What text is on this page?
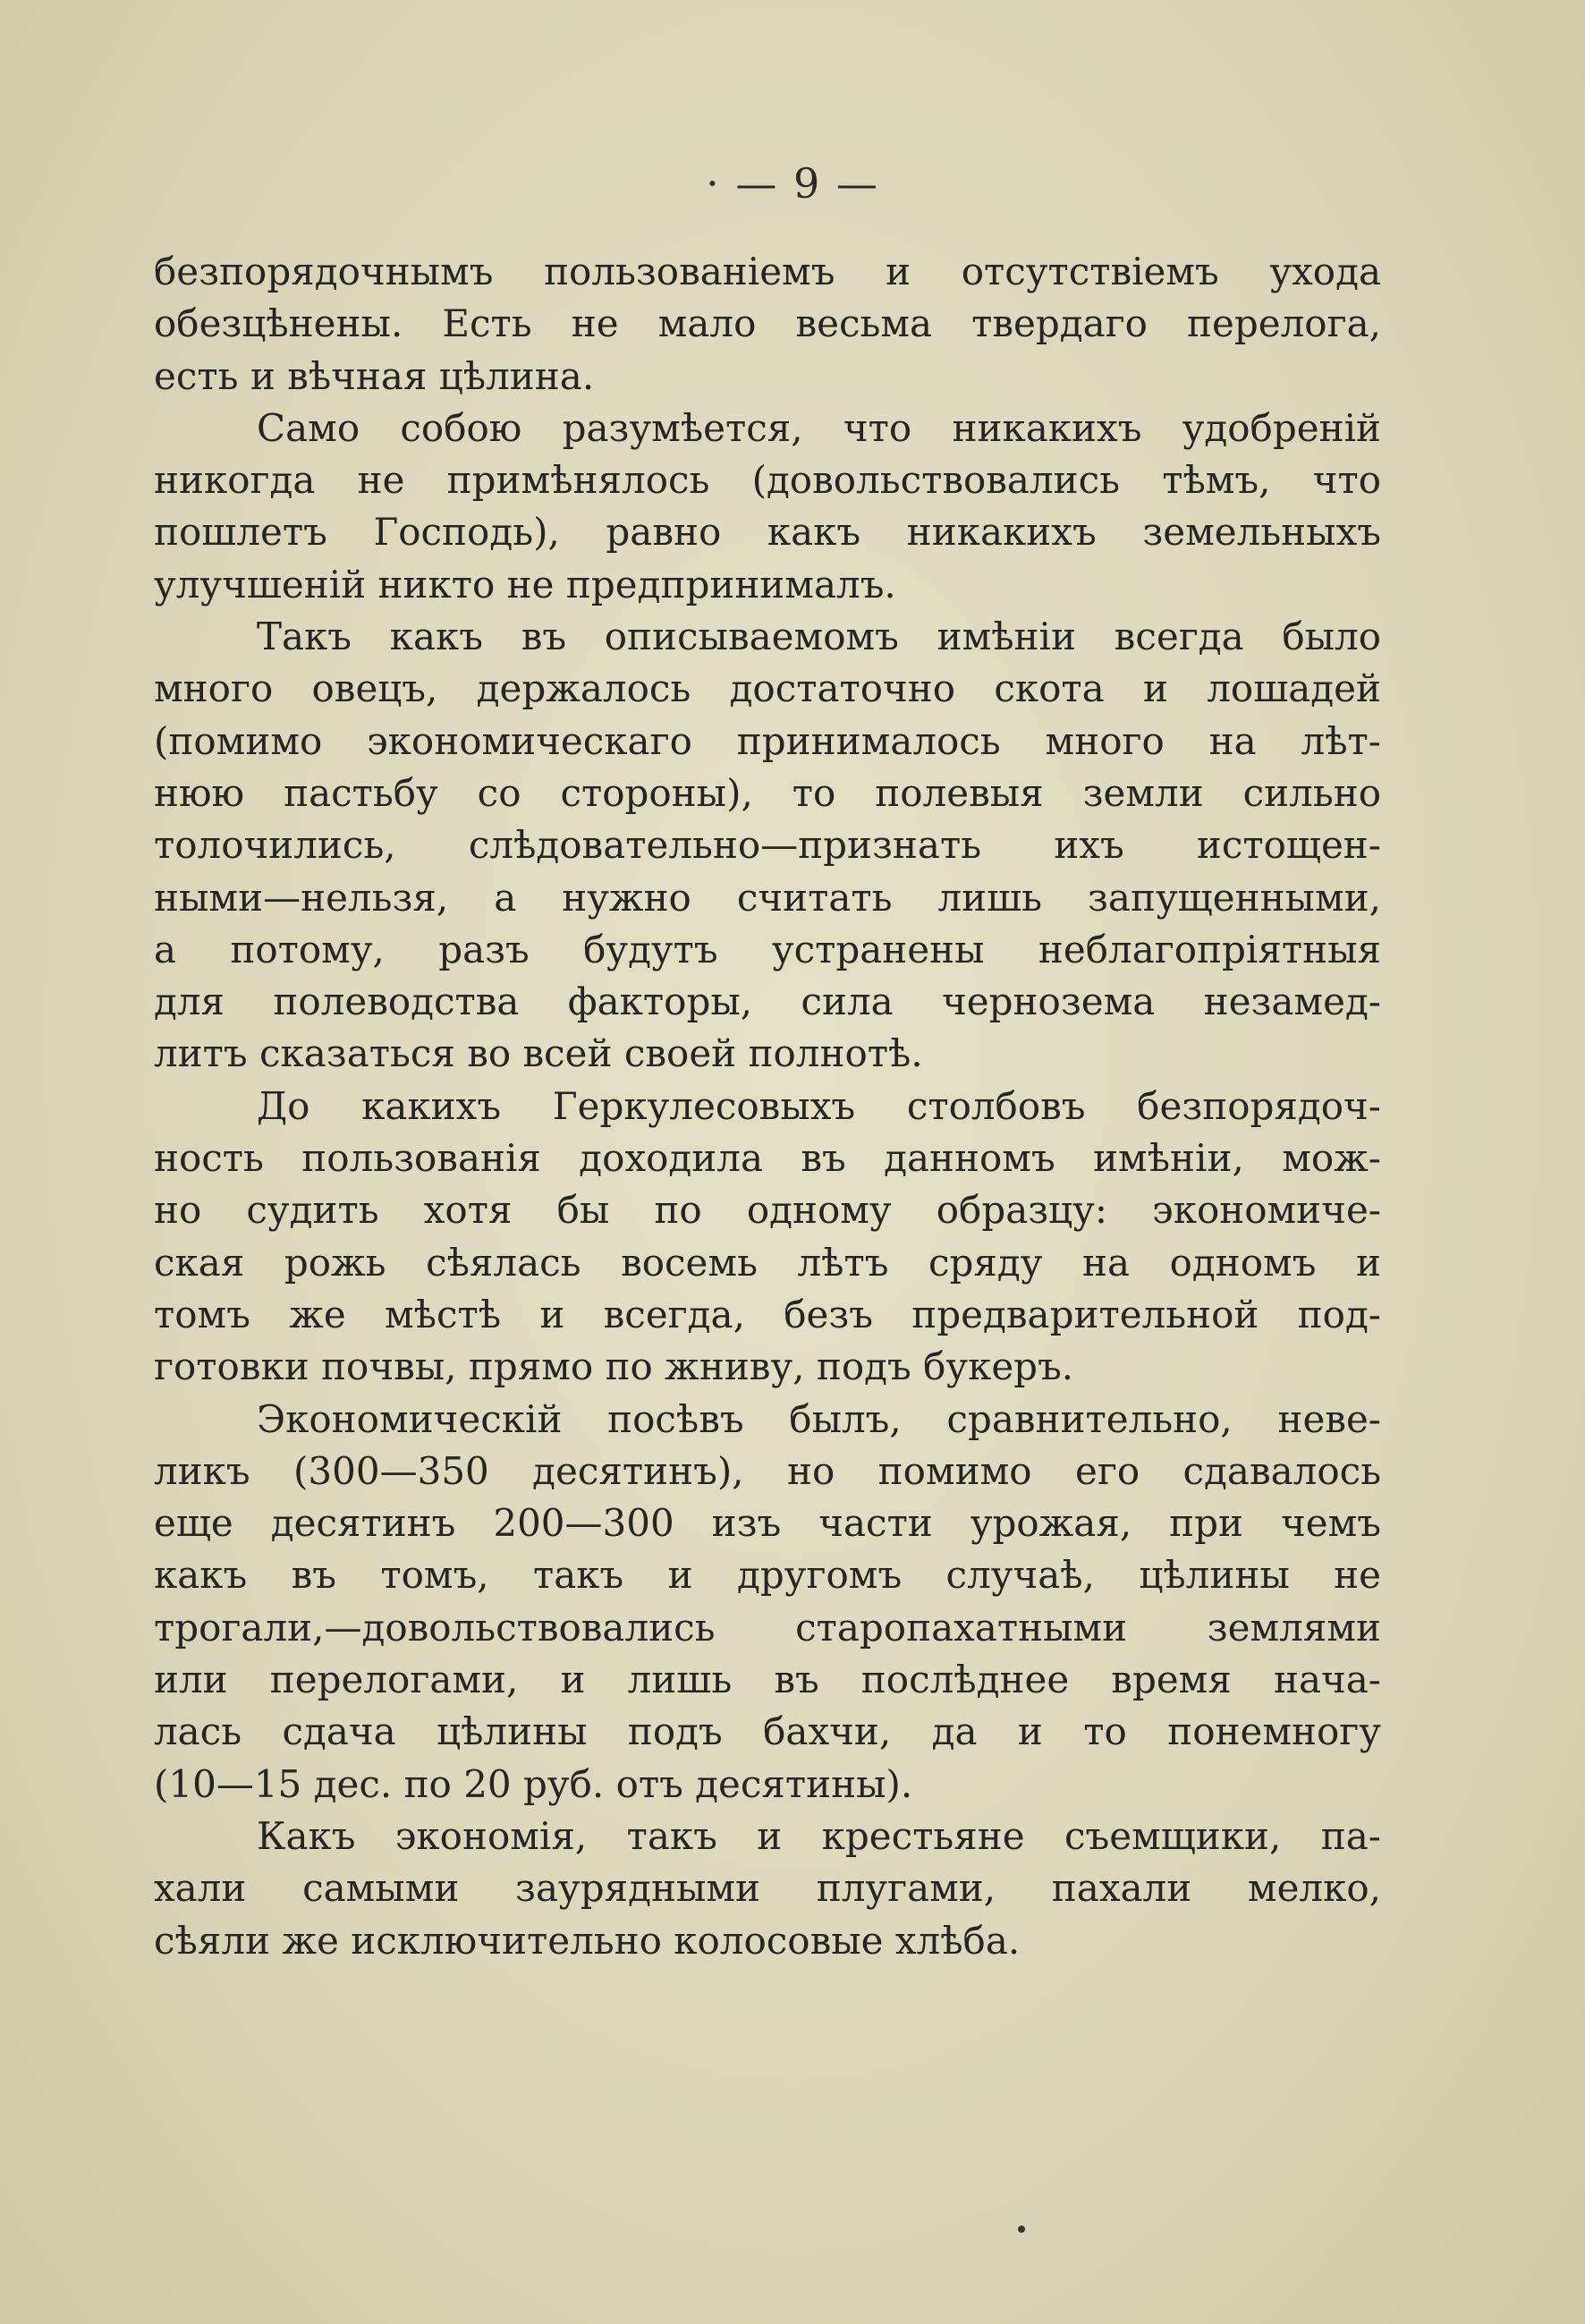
· — 9 —
безпорядочнымъ пользованіемъ и отсутствіемъ ухода
обезцѣнены. Есть не мало весьма твердаго перелога,
есть и вѣчная цѣлина.
Само собою разумѣется, что никакихъ удобреній
никогда не примѣнялось (довольствовались тѣмъ, что
пошлетъ Господь), равно какъ никакихъ земельныхъ
улучшеній никто не предпринималъ.
Такъ какъ въ описываемомъ имѣніи всегда было
много овецъ, держалось достаточно скота и лошадей
(помимо экономическаго принималось много на лѣт-
нюю пастьбу со стороны), то полевыя земли сильно
толочились, слѣдовательно—признать ихъ истощен-
ными—нельзя, а нужно считать лишь запущенными,
а потому, разъ будутъ устранены неблагопріятныя
для полеводства факторы, сила чернозема незамед-
литъ сказаться во всей своей полнотѣ.
До какихъ Геркулесовыхъ столбовъ безпорядоч-
ность пользованія доходила въ данномъ имѣніи, мож-
но судить хотя бы по одному образцу: экономиче-
ская рожь сѣялась восемь лѣтъ сряду на одномъ и
томъ же мѣстѣ и всегда, безъ предварительной под-
готовки почвы, прямо по жниву, подъ букеръ.
Экономическій посѣвъ былъ, сравнительно, неве-
ликъ (300—350 десятинъ), но помимо его сдавалось
еще десятинъ 200—300 изъ части урожая, при чемъ
какъ въ томъ, такъ и другомъ случаѣ, цѣлины не
трогали,—довольствовались старопахатными землями
или перелогами, и лишь въ послѣднее время нача-
лась сдача цѣлины подъ бахчи, да и то понемногу
(10—15 дес. по 20 руб. отъ десятины).
Какъ экономія, такъ и крестьяне съемщики, па-
хали самыми заурядными плугами, пахали мелко,
сѣяли же исключительно колосовые хлѣба.
